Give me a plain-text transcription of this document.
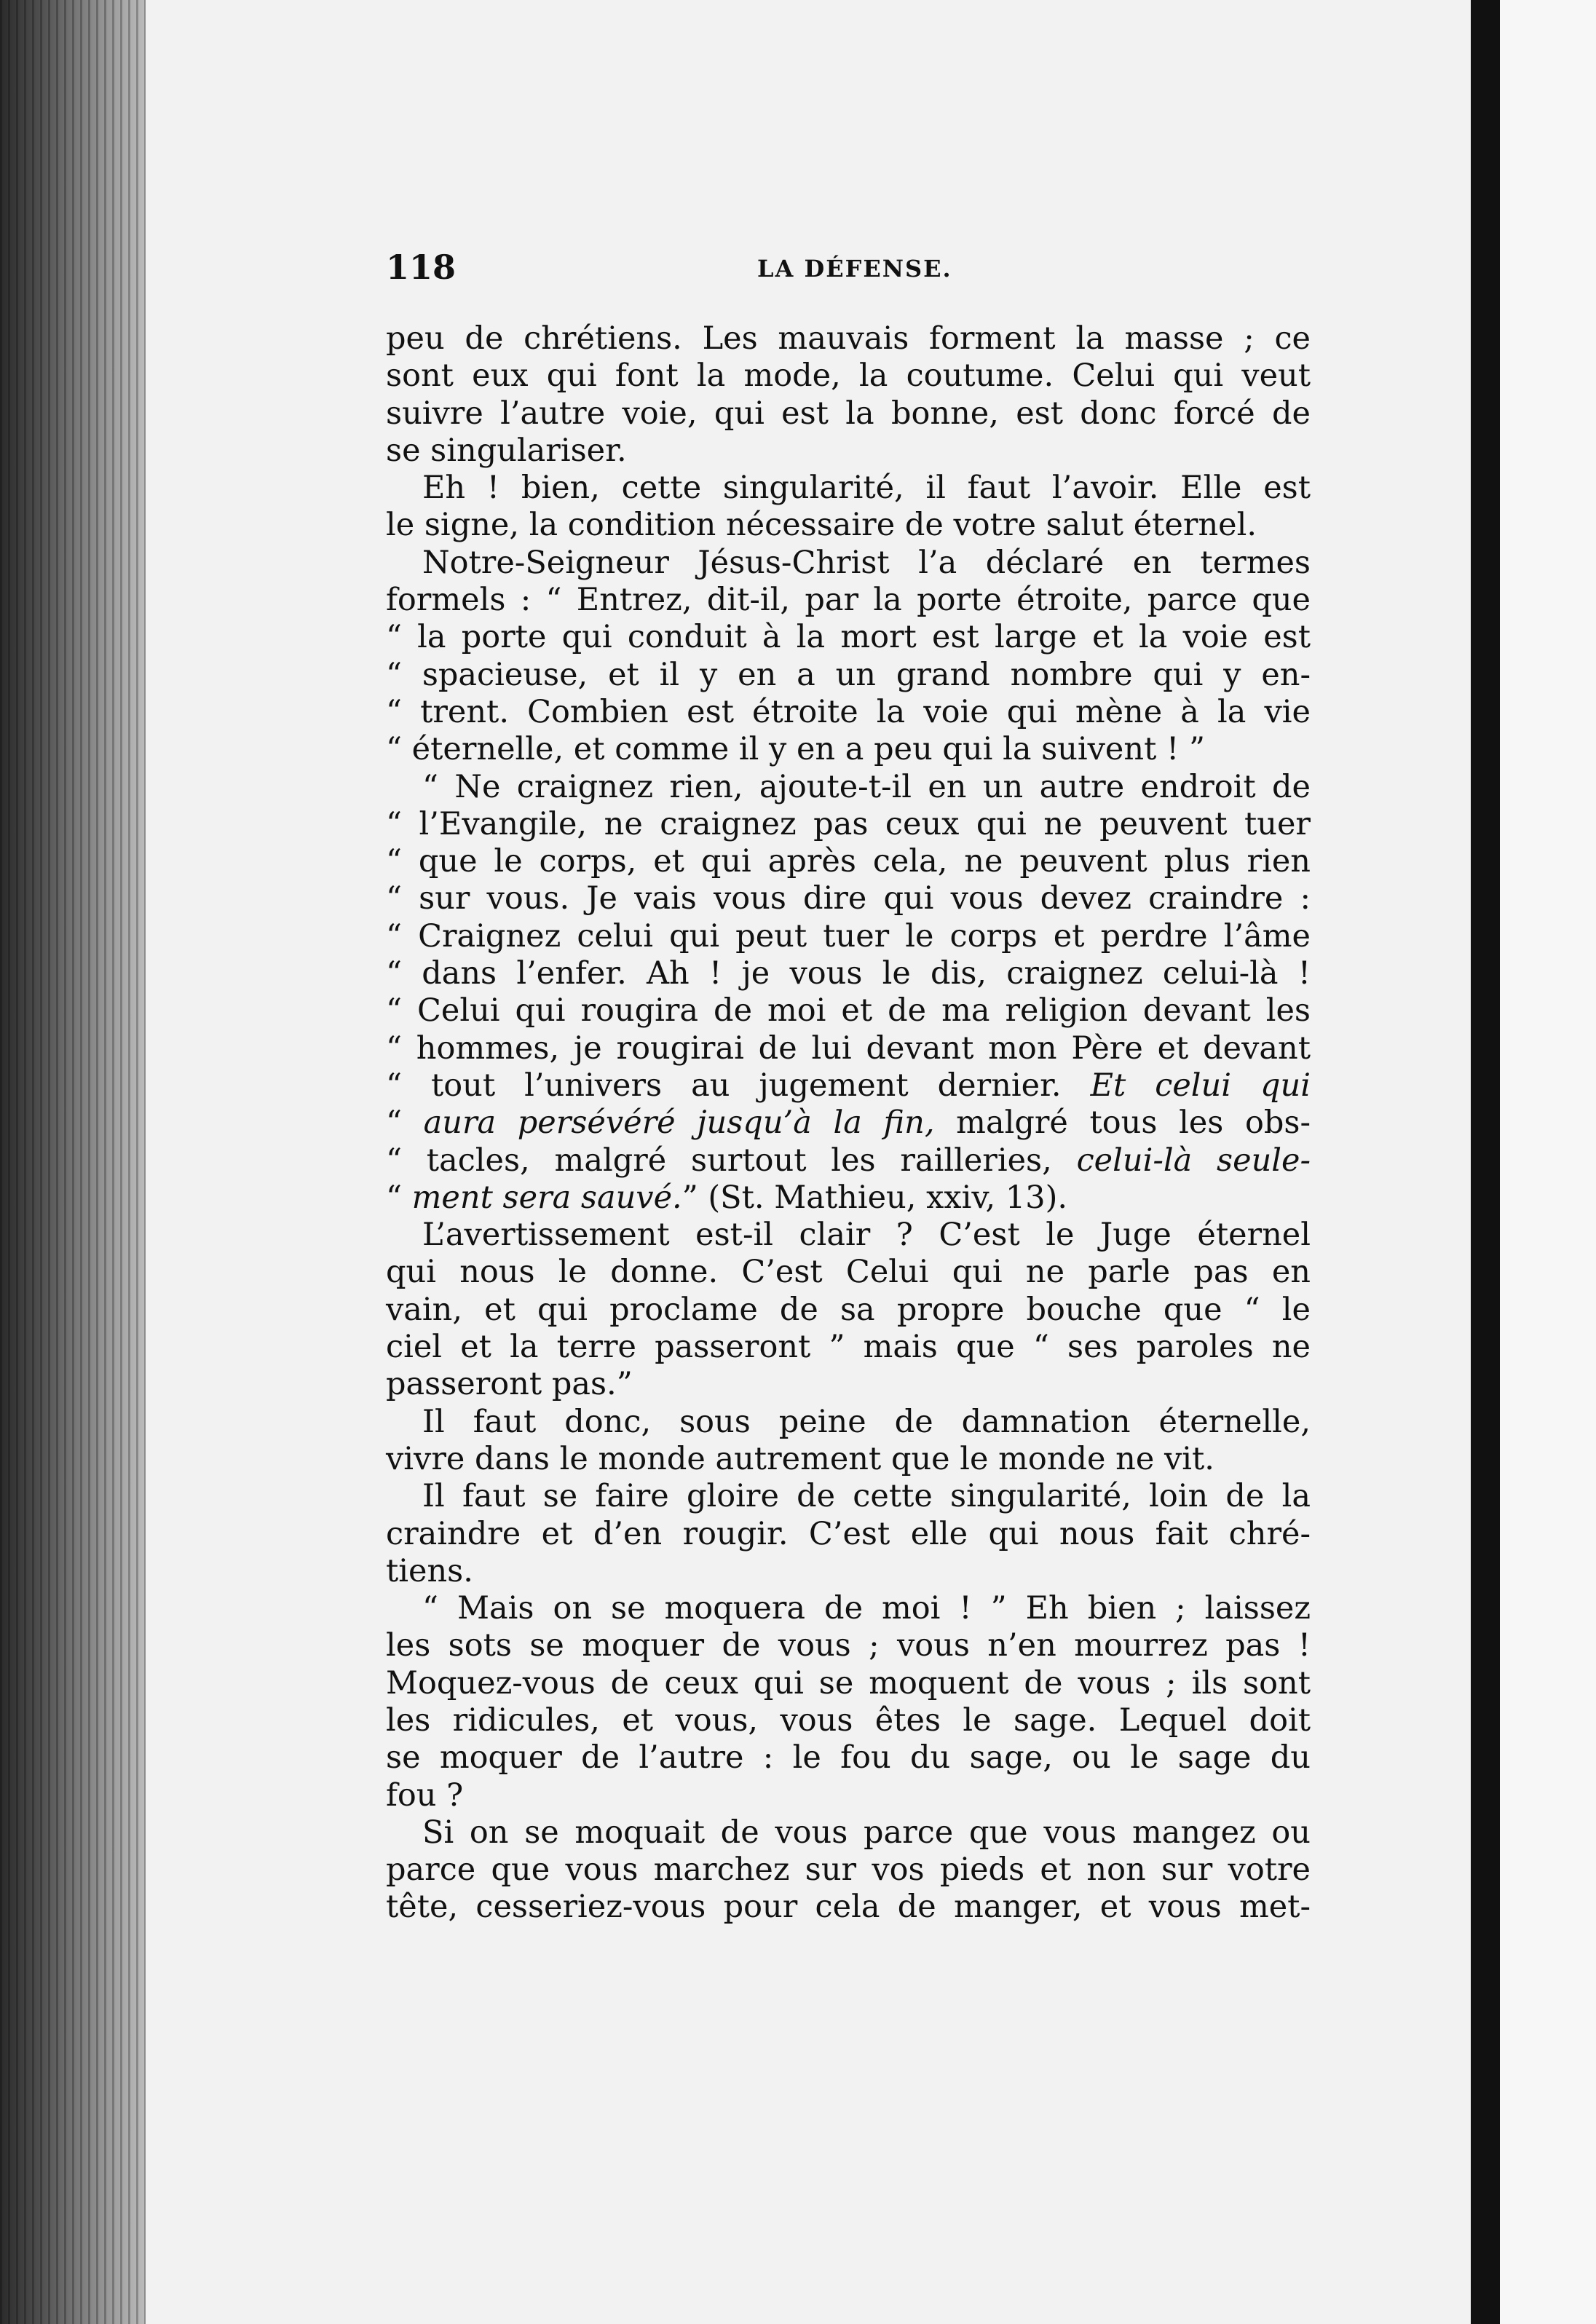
118	LA DÉFENSE.
peu de chrétiens. Les mauvais forment la masse ; ce
sont eux qui font la mode, la coutume. Celui qui veut
suivre l’autre voie, qui est la bonne, est donc forcé de
se singulariser.
Eh ! bien, cette singularité, il faut l’avoir. Elle est
le signe, la condition nécessaire de votre salut éternel.
Notre-Seigneur Jésus-Christ l’a déclaré en termes
formels : “ Entrez, dit-il, par la porte étroite, parce que
“ la porte qui conduit à la mort est large et la voie est
“ spacieuse, et il y en a un grand nombre qui y en-
“ trent. Combien est étroite la voie qui mène à la vie
“ éternelle, et comme il y en a peu qui la suivent ! ”
“ Ne craignez rien, ajoute-t-il en un autre endroit de
“ l’Evangile, ne craignez pas ceux qui ne peuvent tuer
“ que le corps, et qui après cela, ne peuvent plus rien
“ sur vous. Je vais vous dire qui vous devez craindre :
“ Craignez celui qui peut tuer le corps et perdre l’âme
“ dans l’enfer. Ah ! je vous le dis, craignez celui-là !
“ Celui qui rougira de moi et de ma religion devant les
“ hommes, je rougirai de lui devant mon Père et devant
“ tout l’univers au jugement dernier. Et celui qui
“ aura persévéré jusqu’à la fin, malgré tous les obs-
“ tacles, malgré surtout les railleries, celui-là seule-
“ ment sera sauvé.” (St. Mathieu, xxiv, 13).
L’avertissement est-il clair ? C’est le Juge éternel
qui nous le donne. C’est Celui qui ne parle pas en
vain, et qui proclame de sa propre bouche que “ le
ciel et la terre passeront ” mais que “ ses paroles ne
passeront pas.”
Il faut donc, sous peine de damnation éternelle,
vivre dans le monde autrement que le monde ne vit.
Il faut se faire gloire de cette singularité, loin de la
craindre et d’en rougir. C’est elle qui nous fait chré-
tiens.
“ Mais on se moquera de moi ! ” Eh bien ; laissez
les sots se moquer de vous ; vous n’en mourrez pas !
Moquez-vous de ceux qui se moquent de vous ; ils sont
les ridicules, et vous, vous êtes le sage. Lequel doit
se moquer de l’autre : le fou du sage, ou le sage du
fou ?
Si on se moquait de vous parce que vous mangez ou
parce que vous marchez sur vos pieds et non sur votre
tête, cesseriez-vous pour cela de manger, et vous met-
